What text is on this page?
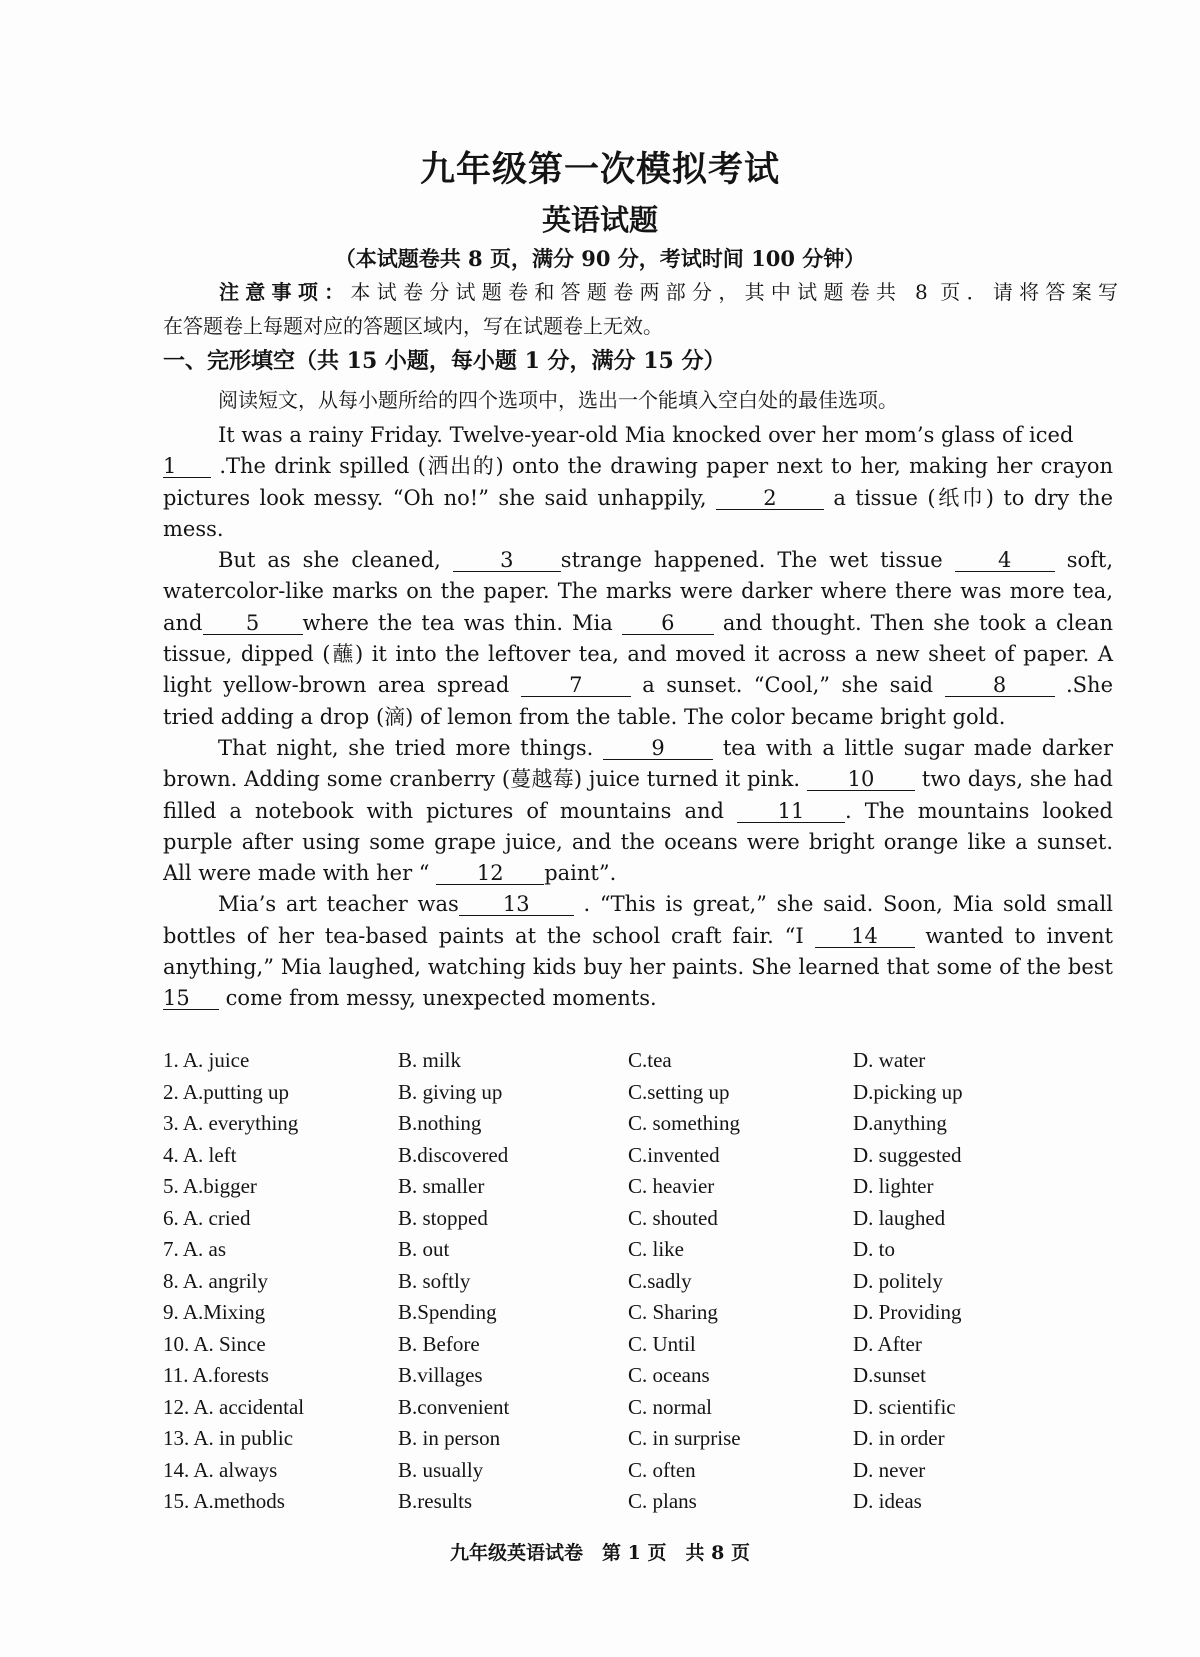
九年级第一次模拟考试
英语试题
（本试题卷共 8 页，满分 90 分，考试时间 100 分钟）
注意事项：本试卷分试题卷和答题卷两部分，其中试题卷共 8 页．请将答案写
在答题卷上每题对应的答题区域内，写在试题卷上无效。
一、完形填空（共 15 小题，每小题 1 分，满分 15 分）
阅读短文，从每小题所给的四个选项中，选出一个能填入空白处的最佳选项。

It was a rainy Friday. Twelve-year-old Mia knocked over her mom’s glass of iced
1 .The drink spilled (洒出的) onto the drawing paper next to her, making her crayon pictures look messy. “Oh no!” she said unhappily, 2 a tissue (纸巾) to dry the mess.

But as she cleaned, 3 strange happened. The wet tissue 4 soft, watercolor-like marks on the paper. The marks were darker where there was more tea, and 5 where the tea was thin. Mia 6 and thought. Then she took a clean tissue, dipped (蘸) it into the leftover tea, and moved it across a new sheet of paper. A light yellow-brown area spread 7 a sunset. “Cool,” she said 8 .She tried adding a drop (滴) of lemon from the table. The color became bright gold.

That night, she tried more things. 9 tea with a little sugar made darker brown. Adding some cranberry (蔓越莓) juice turned it pink. 10 two days, she had filled a notebook with pictures of mountains and 11 . The mountains looked purple after using some grape juice, and the oceans were bright orange like a sunset. All were made with her “ 12 paint”.

Mia’s art teacher was 13 . “This is great,” she said. Soon, Mia sold small bottles of her tea-based paints at the school craft fair. “I 14 wanted to invent anything,” Mia laughed, watching kids buy her paints. She learned that some of the best 15 come from messy, unexpected moments.

1. A. juice	B. milk	C.tea	D. water
2. A.putting up	B. giving up	C.setting up	D.picking up
3. A. everything	B.nothing	C. something	D.anything
4. A. left	B.discovered	C.invented	D. suggested
5. A.bigger	B. smaller	C. heavier	D. lighter
6. A. cried	B. stopped	C. shouted	D. laughed
7. A. as	B. out	C. like	D. to
8. A. angrily	B. softly	C.sadly	D. politely
9. A.Mixing	B.Spending	C. Sharing	D. Providing
10. A. Since	B. Before	C. Until	D. After
11. A.forests	B.villages	C. oceans	D.sunset
12. A. accidental	B.convenient	C. normal	D. scientific
13. A. in public	B. in person	C. in surprise	D. in order
14. A. always	B. usually	C. often	D. never
15. A.methods	B.results	C. plans	D. ideas
九年级英语试卷　第 1 页　共 8 页
